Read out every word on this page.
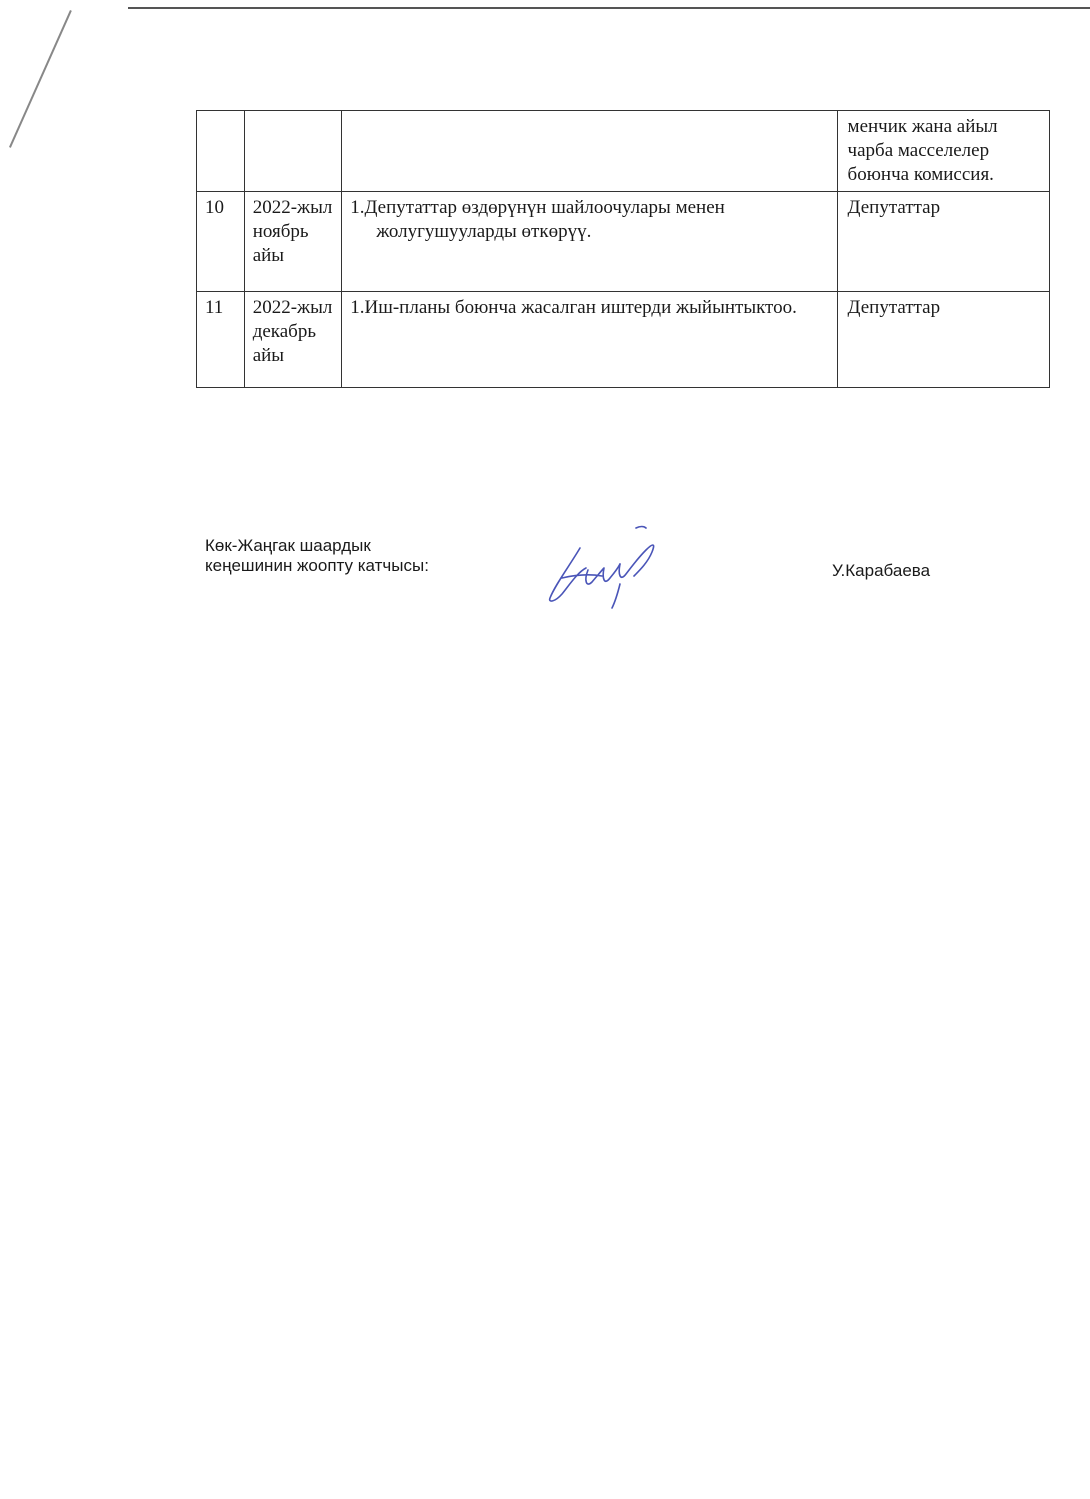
			менчик жана айыл чарба масселелер боюнча комиссия.
10	2022-жыл ноябрь айы	1.Депутаттар өздөрүнүн шайлоочулары менен жолугушууларды өткөрүү.	Депутаттар
11	2022-жыл декабрь айы	1.Иш-планы боюнча жасалган иштерди жыйынтыктоо.	Депутаттар
Көк-Жаңгак шаардык
кеңешинин жоопту катчысы:	У.Карабаева
